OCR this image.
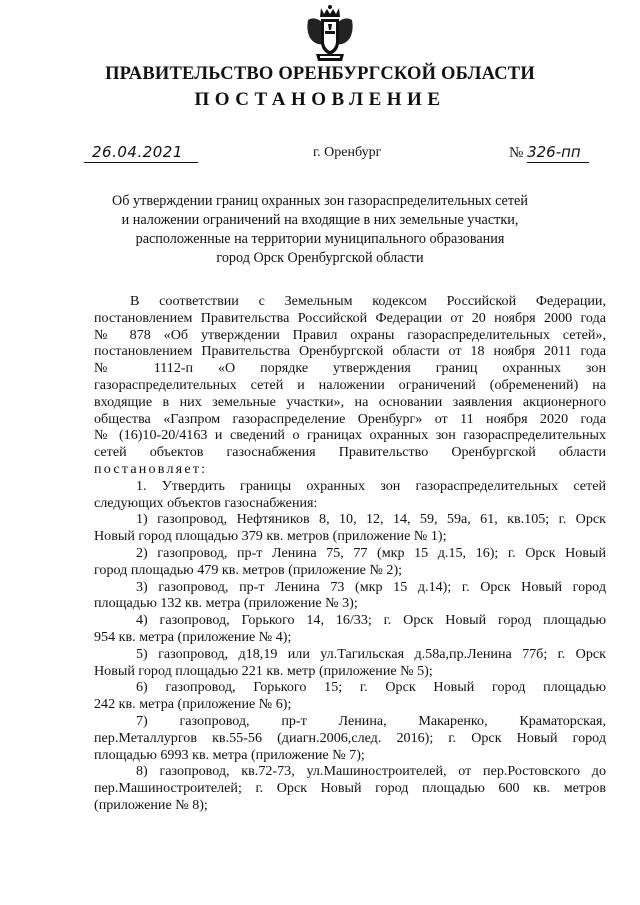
ПРАВИТЕЛЬСТВО ОРЕНБУРГСКОЙ ОБЛАСТИ
ПОСТАНОВЛЕНИЕ
26.04.2021	г. Оренбург	№ 326-пп
Об утверждении границ охранных зон газораспределительных сетей
и наложении ограничений на входящие в них земельные участки,
расположенные на территории муниципального образования
город Орск Оренбургской области

В соответствии с Земельным кодексом Российской Федерации,

постановлением Правительства Российской Федерации от 20 ноября 2000 года

№ 878 «Об утверждении Правил охраны газораспределительных сетей»,

постановлением Правительства Оренбургской области от 18 ноября 2011 года

№ 1112-п «О порядке утверждения границ охранных зон

газораспределительных сетей и наложении ограничений (обременений) на

входящие в них земельные участки», на основании заявления акционерного

общества «Газпром газораспределение Оренбург» от 11 ноября 2020 года

№ (16)10-20/4163 и сведений о границах охранных зон газораспределительных

сетей объектов газоснабжения Правительство Оренбургской области

постановляет:

1. Утвердить границы охранных зон газораспределительных сетей

следующих объектов газоснабжения:

1) газопровод, Нефтяников 8, 10, 12, 14, 59, 59а, 61, кв.105; г. Орск

Новый город площадью 379 кв. метров (приложение № 1);

2) газопровод, пр-т Ленина 75, 77 (мкр 15 д.15, 16); г. Орск Новый

город площадью 479 кв. метров (приложение № 2);

3) газопровод, пр-т Ленина 73 (мкр 15 д.14); г. Орск Новый город

площадью 132 кв. метра (приложение № 3);

4) газопровод, Горького 14, 16/33; г. Орск Новый город площадью

954 кв. метра (приложение № 4);

5) газопровод, д18,19 или ул.Тагильская д.58а,пр.Ленина 77б; г. Орск

Новый город площадью 221 кв. метр (приложение № 5);

6) газопровод, Горького 15; г. Орск Новый город площадью

242 кв. метра (приложение № 6);

7) газопровод, пр-т Ленина, Макаренко, Краматорская,

пер.Металлургов кв.55-56 (диагн.2006,след. 2016); г. Орск Новый город

площадью 6993 кв. метра (приложение № 7);

8) газопровод, кв.72-73, ул.Машиностроителей, от пер.Ростовского до

пер.Машиностроителей; г. Орск Новый город площадью 600 кв. метров

(приложение № 8);
